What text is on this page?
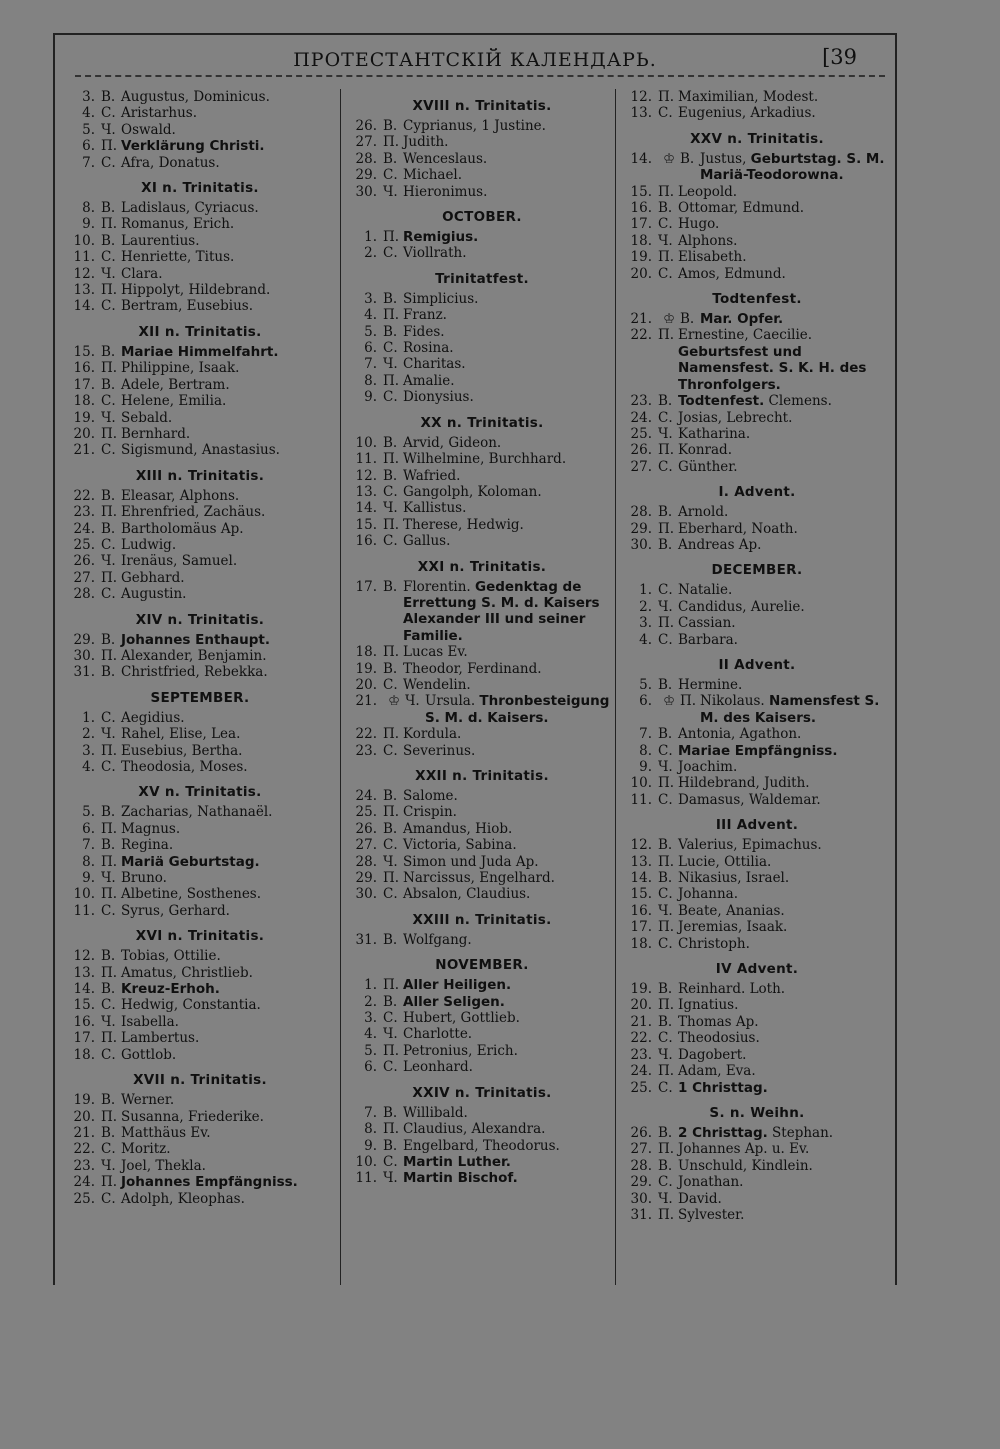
ПРОТЕСТАНТСКІЙ КАЛЕНДАРЬ.	[39
3. В. Augustus, Dominicus.
4. С. Aristarhus.
5. Ч. Oswald.
6. П. Verklärung Christi.
7. С. Afra, Donatus.
XI n. Trinitatis.
8. В. Ladislaus, Cyriacus.
9. П. Romanus, Erich.
10. В. Laurentius.
11. С. Henriette, Titus.
12. Ч. Clara.
13. П. Hippolyt, Hildebrand.
14. С. Bertram, Eusebius.
XII n. Trinitatis.
15. В. Mariae Himmelfahrt.
16. П. Philippine, Isaak.
17. В. Adele, Bertram.
18. С. Helene, Emilia.
19. Ч. Sebald.
20. П. Bernhard.
21. С. Sigismund, Anastasius.
XIII n. Trinitatis.
22. В. Eleasar, Alphons.
23. П. Ehrenfried, Zachäus.
24. В. Bartholomäus Ap.
25. С. Ludwig.
26. Ч. Irenäus, Samuel.
27. П. Gebhard.
28. С. Augustin.
XIV n. Trinitatis.
29. В. Johannes Enthaupt.
30. П. Alexander, Benjamin.
31. В. Christfried, Rebekka.
SEPTEMBER.
1. С. Aegidius.
2. Ч. Rahel, Elise, Lea.
3. П. Eusebius, Bertha.
4. С. Theodosia, Moses.
XV n. Trinitatis.
5. В. Zacharias, Nathanaël.
6. П. Magnus.
7. В. Regina.
8. П. Mariä Geburtstag.
9. Ч. Bruno.
10. П. Albetine, Sosthenes.
11. С. Syrus, Gerhard.
XVI n. Trinitatis.
12. В. Tobias, Ottilie.
13. П. Amatus, Christlieb.
14. В. Kreuz-Erhoh.
15. С. Hedwig, Constantia.
16. Ч. Isabella.
17. П. Lambertus.
18. С. Gottlob.
XVII n. Trinitatis.
19. В. Werner.
20. П. Susanna, Friederike.
21. В. Matthäus Ev.
22. С. Moritz.
23. Ч. Joel, Thekla.
24. П. Johannes Empfängniss.
25. С. Adolph, Kleophas.
XVIII n. Trinitatis.
26. В. Cyprianus, 1 Justine.
27. П. Judith.
28. В. Wenceslaus.
29. С. Michael.
30. Ч. Hieronimus.
OCTOBER.
1. П. Remigius.
2. С. Viollrath.
Trinitatfest.
3. В. Simplicius.
4. П. Franz.
5. В. Fides.
6. С. Rosina.
7. Ч. Charitas.
8. П. Amalie.
9. С. Dionysius.
XX n. Trinitatis.
10. В. Arvid, Gideon.
11. П. Wilhelmine, Burchhard.
12. В. Wafried.
13. С. Gangolph, Koloman.
14. Ч. Kallistus.
15. П. Therese, Hedwig.
16. С. Gallus.
XXI n. Trinitatis.
17. В. Florentin. Gedenktag de Errettung S. M. d. Kaisers Alexander III und seiner Familie.
18. П. Lucas Ev.
19. В. Theodor, Ferdinand.
20. С. Wendelin.
21. ♔ Ч. Ursula. Thronbesteigung S. M. d. Kaisers.
22. П. Kordula.
23. С. Severinus.
XXII n. Trinitatis.
24. В. Salome.
25. П. Crispin.
26. В. Amandus, Hiob.
27. С. Victoria, Sabina.
28. Ч. Simon und Juda Ap.
29. П. Narcissus, Engelhard.
30. С. Absalon, Claudius.
XXIII n. Trinitatis.
31. В. Wolfgang.
NOVEMBER.
1. П. Aller Heiligen.
2. В. Aller Seligen.
3. С. Hubert, Gottlieb.
4. Ч. Charlotte.
5. П. Petronius, Erich.
6. С. Leonhard.
XXIV n. Trinitatis.
7. В. Willibald.
8. П. Claudius, Alexandra.
9. В. Engelbard, Theodorus.
10. С. Martin Luther.
11. Ч. Martin Bischof.
12. П. Maximilian, Modest.
13. С. Eugenius, Arkadius.
XXV n. Trinitatis.
14. ♔ В. Justus, Geburtstag. S. M. Mariä-Teodorowna.
15. П. Leopold.
16. В. Ottomar, Edmund.
17. С. Hugo.
18. Ч. Alphons.
19. П. Elisabeth.
20. С. Amos, Edmund.
Todtenfest.
21. ♔ В. Mar. Opfer.
22. П. Ernestine, Caecilie. Geburtsfest und Namensfest. S. K. H. des Thronfolgers.
23. В. Todtenfest. Clemens.
24. С. Josias, Lebrecht.
25. Ч. Katharina.
26. П. Konrad.
27. С. Günther.
I. Advent.
28. В. Arnold.
29. П. Eberhard, Noath.
30. В. Andreas Ap.
DECEMBER.
1. С. Natalie.
2. Ч. Candidus, Aurelie.
3. П. Cassian.
4. С. Barbara.
II Advent.
5. В. Hermine.
6. ♔ П. Nikolaus. Namensfest S. M. des Kaisers.
7. В. Antonia, Agathon.
8. С. Mariae Empfängniss.
9. Ч. Joachim.
10. П. Hildebrand, Judith.
11. С. Damasus, Waldemar.
III Advent.
12. В. Valerius, Epimachus.
13. П. Lucie, Ottilia.
14. В. Nikasius, Israel.
15. С. Johanna.
16. Ч. Beate, Ananias.
17. П. Jeremias, Isaak.
18. С. Christoph.
IV Advent.
19. В. Reinhard. Loth.
20. П. Ignatius.
21. В. Thomas Ap.
22. С. Theodosius.
23. Ч. Dagobert.
24. П. Adam, Eva.
25. С. 1 Christtag.
S. n. Weihn.
26. В. 2 Christtag. Stephan.
27. П. Johannes Ap. u. Ev.
28. В. Unschuld, Kindlein.
29. С. Jonathan.
30. Ч. David.
31. П. Sylvester.
